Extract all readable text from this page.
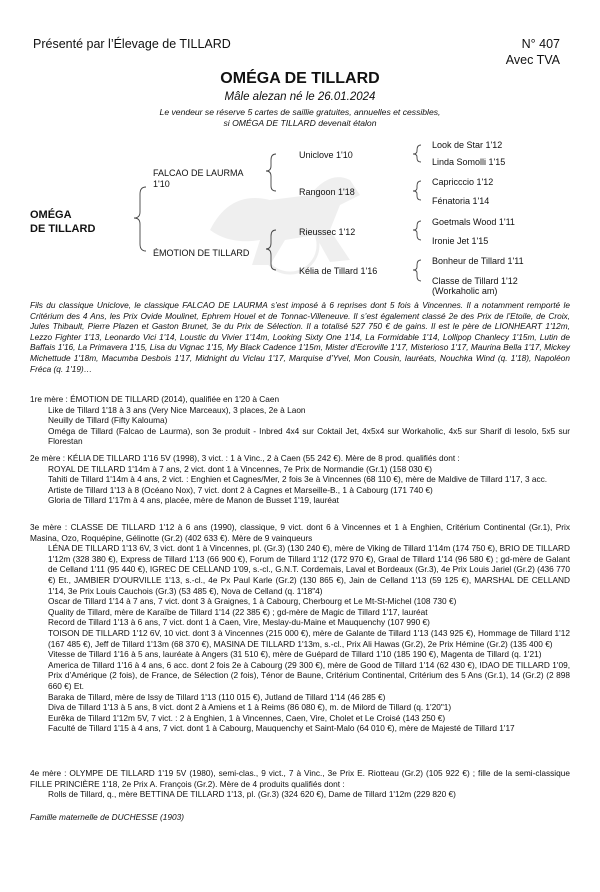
Présenté par l’Élevage de TILLARD	N° 407
Avec TVA
OMÉGA DE TILLARD
Mâle alezan né le 26.01.2024
Le vendeur se réserve 5 cartes de saillie gratuites, annuelles et cessibles,
si OMÉGA DE TILLARD devenait étalon
OMÉGA
DE TILLARD
FALCAO DE LAURMA
1'10
ÉMOTION DE TILLARD
Uniclove 1'10
Rangoon 1'18
Rieussec 1'12
Kélia de Tillard 1'16
Look de Star 1'12
Linda Somolli 1'15
Capricccio 1'12
Fénatoria 1'14
Goetmals Wood 1'11
Ironie Jet 1'15
Bonheur de Tillard 1'11
Classe de Tillard 1'12
(Workaholic am)

Fils du classique Uniclove, le classique FALCAO DE LAURMA s’est imposé à 6 reprises dont 5 fois à Vincennes. Il a notamment remporté le Critérium des 4 Ans, les Prix Ovide Moulinet, Ephrem Houel et de Tonnac-Villeneuve. Il s’est également classé 2e des Prix de l’Etoile, de Croix, Jules Thibault, Pierre Plazen et Gaston Brunet, 3e du Prix de Sélection. Il a totalisé 527 750 € de gains. Il est le père de LIONHEART 1'12m, Lezzo Fighter 1'13, Leonardo Vici 1'14, Loustic du Vivier 1'14m, Looking Sixty One 1'14, La Formidable 1'14, Lollipop Chanlecy 1'15m, Lutin de Baffais 1'16, La Primavera 1'15, Lisa du Vignac 1'15, My Black Cadence 1'15m, Mister d’Ecroville 1'17, Misterioso 1'17, Maurina Bella 1'17, Mickey Michettude 1'18m, Macumba Desbois 1'17, Midnight du Viclau 1'17, Marquise d’Yvel, Mon Cousin, lauréats, Nouchka Wind (q. 1'18), Napoléon Fréca (q. 1'19)…

1re mère : ÉMOTION DE TILLARD (2014), qualifiée en 1'20 à Caen

Like de Tillard 1'18 à 3 ans (Very Nice Marceaux), 3 places, 2e à Laon

Neuilly de Tillard (Fifty Kalouma)

Oméga de Tillard (Falcao de Laurma), son 3e produit - Inbred 4x4 sur Coktail Jet, 4x5x4 sur Workaholic, 4x5 sur Sharif di Iesolo, 5x5 sur Florestan

2e mère : KÉLIA DE TILLARD 1'16 5V (1998), 3 vict. : 1 à Vinc., 2 à Caen (55 242 €). Mère de 8 prod. qualifiés dont :

ROYAL DE TILLARD 1'14m à 7 ans, 2 vict. dont 1 à Vincennes, 7e Prix de Normandie (Gr.1) (158 030 €)

Tahiti de Tillard 1'14m à 4 ans, 2 vict. : Enghien et Cagnes/Mer, 2 fois 3e à Vincennes (68 110 €), mère de Maldive de Tillard 1'17, 3 acc.

Artiste de Tillard 1'13 à 8 (Océano Nox), 7 vict. dont 2 à Cagnes et Marseille-B., 1 à Cabourg (171 740 €)

Gloria de Tillard 1'17m à 4 ans, placée, mère de Manon de Busset 1'19, lauréat

3e mère : CLASSE DE TILLARD 1'12 à 6 ans (1990), classique, 9 vict. dont 6 à Vincennes et 1 à Enghien, Critérium Continental (Gr.1), Prix Masina, Ozo, Roquépine, Gélinotte (Gr.2) (402 633 €). Mère de 9 vainqueurs

LÉNA DE TILLARD 1'13 6V, 3 vict. dont 1 à Vincennes, pl. (Gr.3) (130 240 €), mère de Viking de Tillard 1'14m (174 750 €), BRIO DE TILLARD 1'12m (328 380 €), Express de Tillard 1'13 (66 900 €), Forum de Tillard 1'12 (172 970 €), Graal de Tillard 1'14 (96 580 €) ; gd-mère de Galant de Celland 1'11 (95 440 €), IGREC DE CELLAND 1'09, s.-cl., G.N.T. Cordemais, Laval et Bordeaux (Gr.3), 4e Prix Louis Jariel (Gr.2) (436 770 €) Et., JAMBIER D'OURVILLE 1'13, s.-cl., 4e Px Paul Karle (Gr.2) (130 865 €), Jain de Celland 1'13 (59 125 €), MARSHAL DE CELLAND 1'14, 3e Prix Louis Cauchois (Gr.3) (53 485 €), Nova de Celland (q. 1'18"4)

Oscar de Tillard 1'14 à 7 ans, 7 vict. dont 3 à Graignes, 1 à Cabourg, Cherbourg et Le Mt-St-Michel (108 730 €)

Quality de Tillard, mère de Karaïbe de Tillard 1'14 (22 385 €) ; gd-mère de Magic de Tillard 1'17, lauréat

Record de Tillard 1'13 à 6 ans, 7 vict. dont 1 à Caen, Vire, Meslay-du-Maine et Mauquenchy (107 990 €)

TOISON DE TILLARD 1'12 6V, 10 vict. dont 3 à Vincennes (215 000 €), mère de Galante de Tillard 1'13 (143 925 €), Hommage de Tillard 1'12 (167 485 €), Jeff de Tillard 1'13m (68 370 €), MASINA DE TILLARD 1'13m, s.-cl., Prix Ali Hawas (Gr.2), 2e Prix Hémine (Gr.2) (135 400 €)

Vitesse de Tillard 1'16 à 5 ans, lauréate à Angers (31 510 €), mère de Guépard de Tillard 1'10 (185 190 €), Magenta de Tillard (q. 1'21)

America de Tillard 1'16 à 4 ans, 6 acc. dont 2 fois 2e à Cabourg (29 300 €), mère de Good de Tillard 1'14 (62 430 €), IDAO DE TILLARD 1'09, Prix d’Amérique (2 fois), de France, de Sélection (2 fois), Ténor de Baune, Critérium Continental, Critérium des 5 Ans (Gr.1), 14 (Gr.2) (2 898 660 €) Et.

Baraka de Tillard, mère de Issy de Tillard 1'13 (110 015 €), Jutland de Tillard 1'14 (46 285 €)

Diva de Tillard 1'13 à 5 ans, 8 vict. dont 2 à Amiens et 1 à Reims (86 080 €), m. de Milord de Tillard (q. 1'20"1)

Eurêka de Tillard 1'12m 5V, 7 vict. : 2 à Enghien, 1 à Vincennes, Caen, Vire, Cholet et Le Croisé (143 250 €)

Faculté de Tillard 1'15 à 4 ans, 7 vict. dont 1 à Cabourg, Mauquenchy et Saint-Malo (64 010 €), mère de Majesté de Tillard 1'17

4e mère : OLYMPE DE TILLARD 1'19 5V (1980), semi-clas., 9 vict., 7 à Vinc., 3e Prix E. Riotteau (Gr.2) (105 922 €) ; fille de la semi-classique FILLE PRINCIÈRE 1'18, 2e Prix A. François (Gr.2). Mère de 4 produits qualifiés dont :

Rolls de Tillard, q., mère BETTINA DE TILLARD 1'13, pl. (Gr.3) (324 620 €), Dame de Tillard 1'12m (229 820 €)

Famille maternelle de DUCHESSE (1903)
